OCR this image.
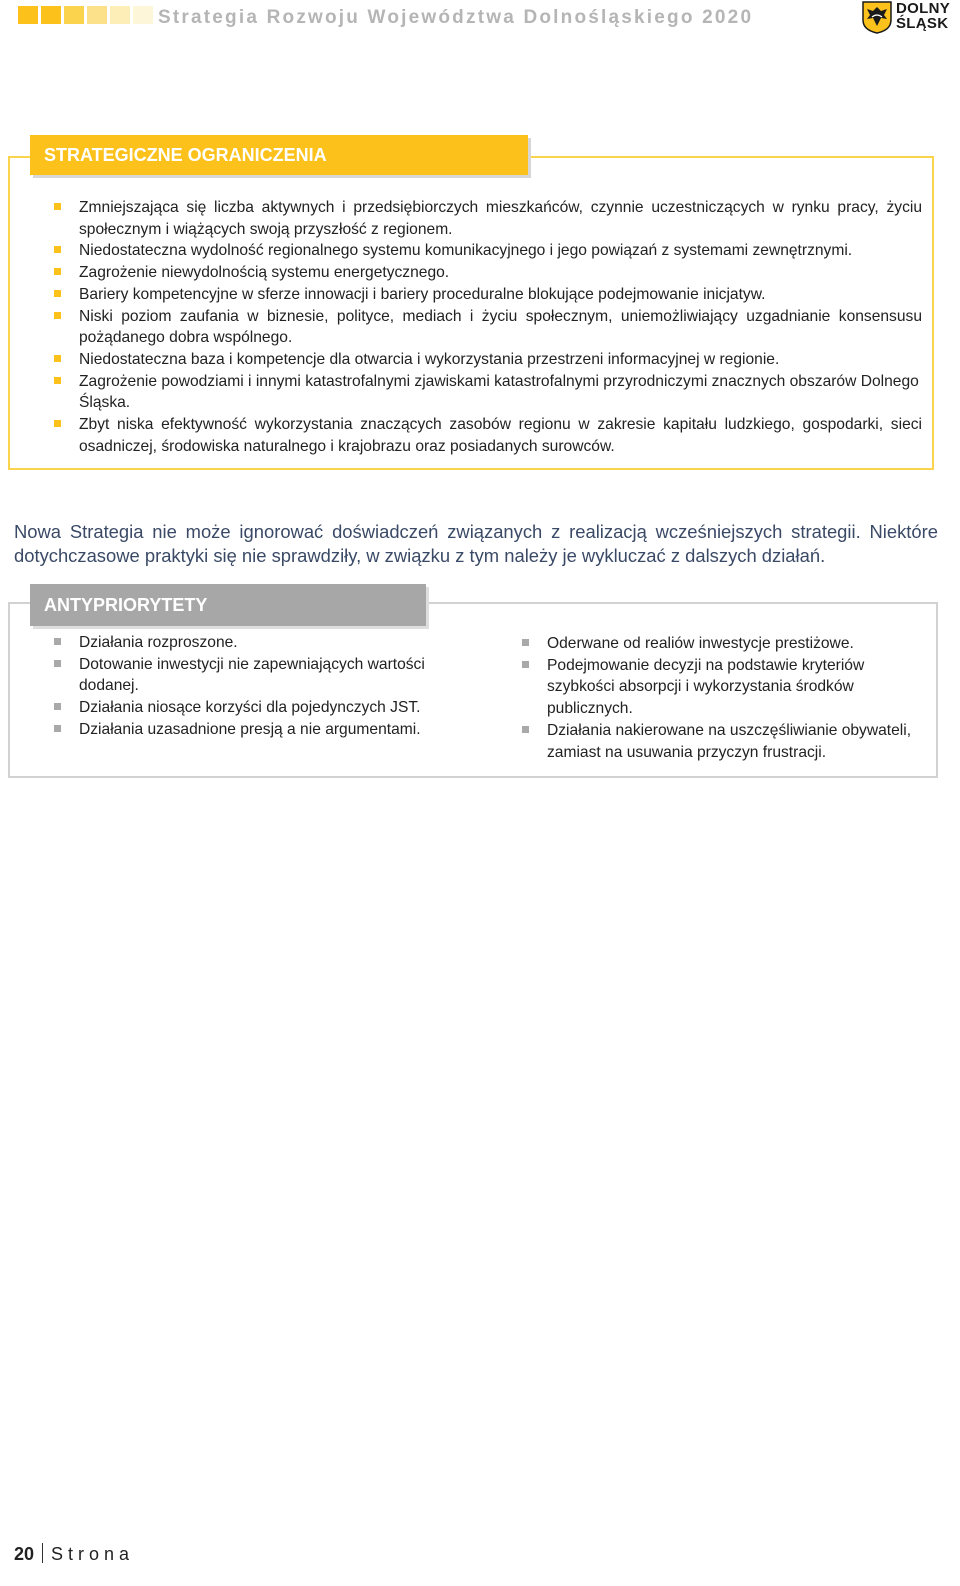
Strategia Rozwoju Województwa Dolnośląskiego 2020	DOLNY
ŚLĄSK
STRATEGICZNE OGRANICZENIA
Zmniejszająca się liczba aktywnych i przedsiębiorczych mieszkańców, czynnie uczestniczących w rynku pracy, życiu społecznym i wiążących swoją przyszłość z regionem.
Niedostateczna wydolność regionalnego systemu komunikacyjnego i jego powiązań z systemami zewnętrznymi.
Zagrożenie niewydolnością systemu energetycznego.
Bariery kompetencyjne w sferze innowacji i bariery proceduralne blokujące podejmowanie inicjatyw.
Niski poziom zaufania w biznesie, polityce, mediach i życiu społecznym, uniemożliwiający uzgadnianie konsensusu pożądanego dobra wspólnego.
Niedostateczna baza i kompetencje dla otwarcia i wykorzystania przestrzeni informacyjnej w regionie.
Zagrożenie powodziami i innymi katastrofalnymi zjawiskami katastrofalnymi przyrodniczymi znacznych obszarów Dolnego Śląska.
Zbyt niska efektywność wykorzystania znaczących zasobów regionu w zakresie kapitału ludzkiego, gospodarki, sieci osadniczej, środowiska naturalnego i krajobrazu oraz posiadanych surowców.

Nowa Strategia nie może ignorować doświadczeń związanych z realizacją wcześniejszych strategii. Niektóre dotychczasowe praktyki się nie sprawdziły, w związku z tym należy je wykluczać z dalszych działań.

ANTYPRIORYTETY
Działania rozproszone.
Dotowanie inwestycji nie zapewniających wartości dodanej.
Działania niosące korzyści dla pojedynczych JST.
Działania uzasadnione presją a nie argumentami.
Oderwane od realiów inwestycje prestiżowe.
Podejmowanie decyzji na podstawie kryteriów szybkości absorpcji i wykorzystania środków publicznych.
Działania nakierowane na uszczęśliwianie obywateli, zamiast na usuwania przyczyn frustracji.
20 Strona
